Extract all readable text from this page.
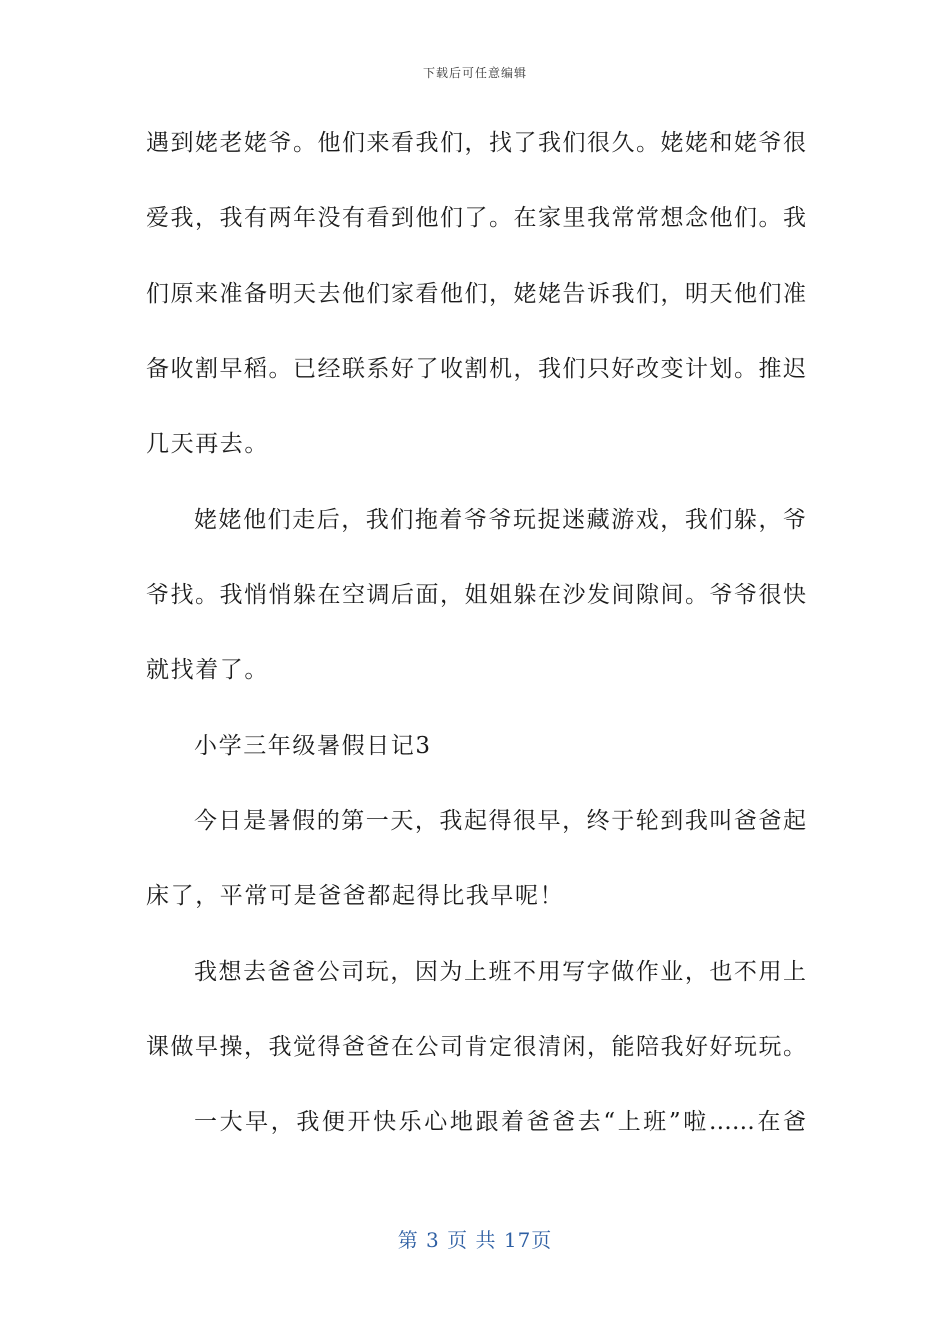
下载后可任意编辑
遇到姥老姥爷。他们来看我们，找了我们很久。姥姥和姥爷很
爱我，我有两年没有看到他们了。在家里我常常想念他们。我
们原来准备明天去他们家看他们，姥姥告诉我们，明天他们准
备收割早稻。已经联系好了收割机，我们只好改变计划。推迟
几天再去。
姥姥他们走后，我们拖着爷爷玩捉迷藏游戏，我们躲，爷
爷找。我悄悄躲在空调后面，姐姐躲在沙发间隙间。爷爷很快
就找着了。
小学三年级暑假日记3
今日是暑假的第一天，我起得很早，终于轮到我叫爸爸起
床了，平常可是爸爸都起得比我早呢！
我想去爸爸公司玩，因为上班不用写字做作业，也不用上
课做早操，我觉得爸爸在公司肯定很清闲，能陪我好好玩玩。
一大早，我便开快乐心地跟着爸爸去“上班”啦……在爸
第 3 页 共 17页
